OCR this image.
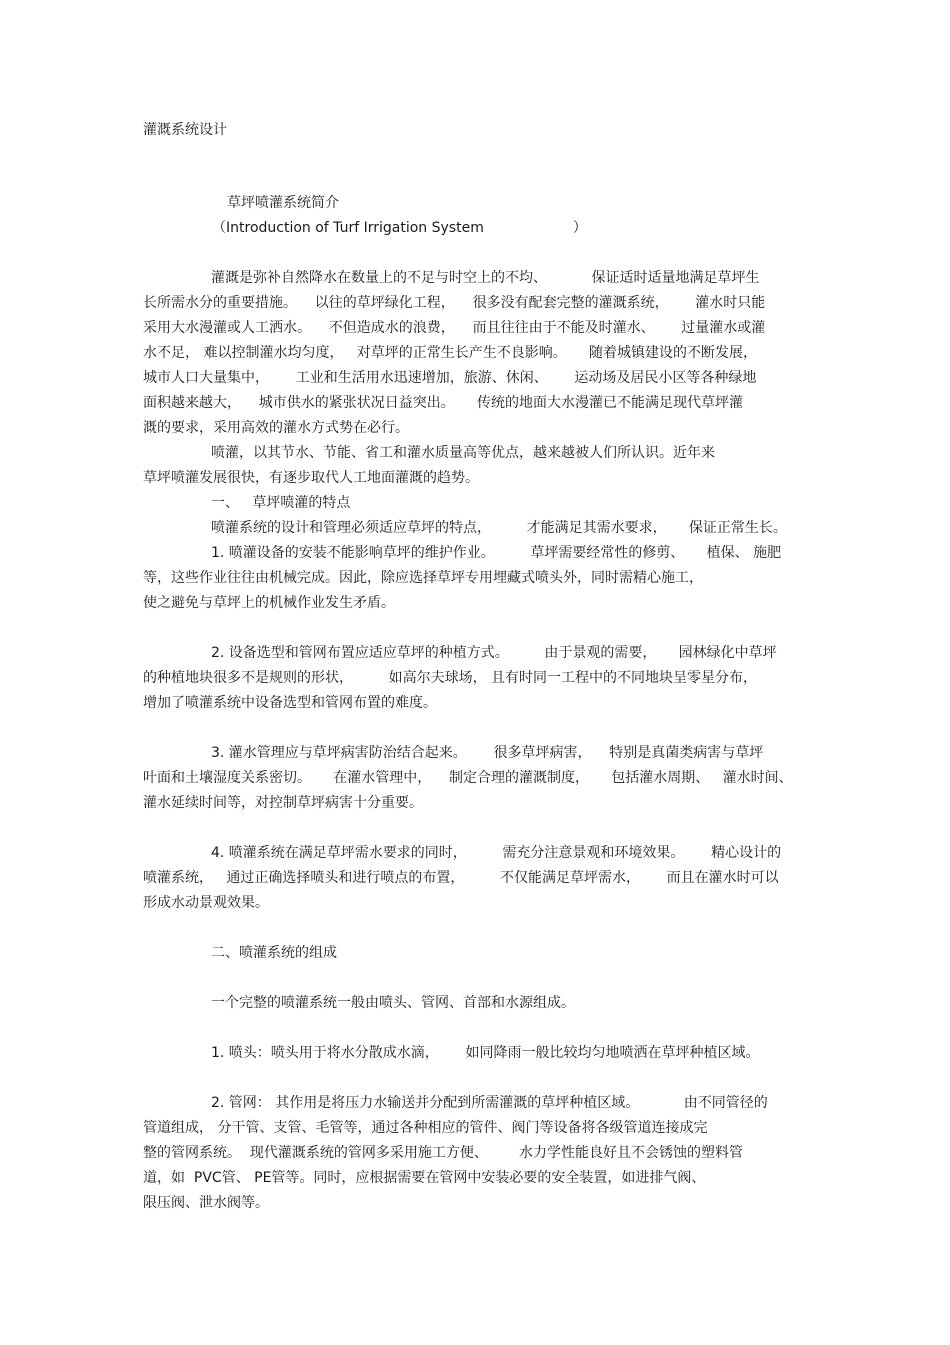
灌溉系统设计
草坪喷灌系统简介
（Introduction of Turf Irrigation System                    ）
灌溉是弥补自然降水在数量上的不足与时空上的不均、          保证适时适量地满足草坪生
长所需水分的重要措施。    以往的草坪绿化工程，    很多没有配套完整的灌溉系统，      灌水时只能
采用大水漫灌或人工洒水。    不但造成水的浪费，    而且往往由于不能及时灌水、      过量灌水或灌
水不足， 难以控制灌水均匀度，   对草坪的正常生长产生不良影响。     随着城镇建设的不断发展，
城市人口大量集中，      工业和生活用水迅速增加，旅游、休闲、      运动场及居民小区等各种绿地
面积越来越大，    城市供水的紧张状况日益突出。     传统的地面大水漫灌已不能满足现代草坪灌
溉的要求，采用高效的灌水方式势在必行。
喷灌，以其节水、节能、省工和灌水质量高等优点，越来越被人们所认识。近年来
草坪喷灌发展很快，有逐步取代人工地面灌溉的趋势。
一、   草坪喷灌的特点
喷灌系统的设计和管理必须适应草坪的特点，        才能满足其需水要求，     保证正常生长。
1. 喷灌设备的安装不能影响草坪的维护作业。        草坪需要经常性的修剪、     植保、 施肥
等，这些作业往往由机械完成。因此，除应选择草坪专用埋藏式喷头外，同时需精心施工，
使之避免与草坪上的机械作业发生矛盾。
2. 设备选型和管网布置应适应草坪的种植方式。        由于景观的需要，     园林绿化中草坪
的种植地块很多不是规则的形状，        如高尔夫球场， 且有时同一工程中的不同地块呈零星分布，
增加了喷灌系统中设备选型和管网布置的难度。
3. 灌水管理应与草坪病害防治结合起来。      很多草坪病害，    特别是真菌类病害与草坪
叶面和土壤湿度关系密切。     在灌水管理中，    制定合理的灌溉制度，     包括灌水周期、   灌水时间、
灌水延续时间等，对控制草坪病害十分重要。
4. 喷灌系统在满足草坪需水要求的同时，        需充分注意景观和环境效果。      精心设计的
喷灌系统，   通过正确选择喷头和进行喷点的布置，        不仅能满足草坪需水，      而且在灌水时可以
形成水动景观效果。
二、喷灌系统的组成
一个完整的喷灌系统一般由喷头、管网、首部和水源组成。
1. 喷头：喷头用于将水分散成水滴，      如同降雨一般比较均匀地喷洒在草坪种植区域。
2. 管网： 其作用是将压力水输送并分配到所需灌溉的草坪种植区域。          由不同管径的
管道组成， 分干管、支管、毛管等，通过各种相应的管件、阀门等设备将各级管道连接成完
整的管网系统。  现代灌溉系统的管网多采用施工方便、       水力学性能良好且不会锈蚀的塑料管
道，如  PVC管、 PE管等。同时，应根据需要在管网中安装必要的安全装置，如进排气阀、
限压阀、泄水阀等。
